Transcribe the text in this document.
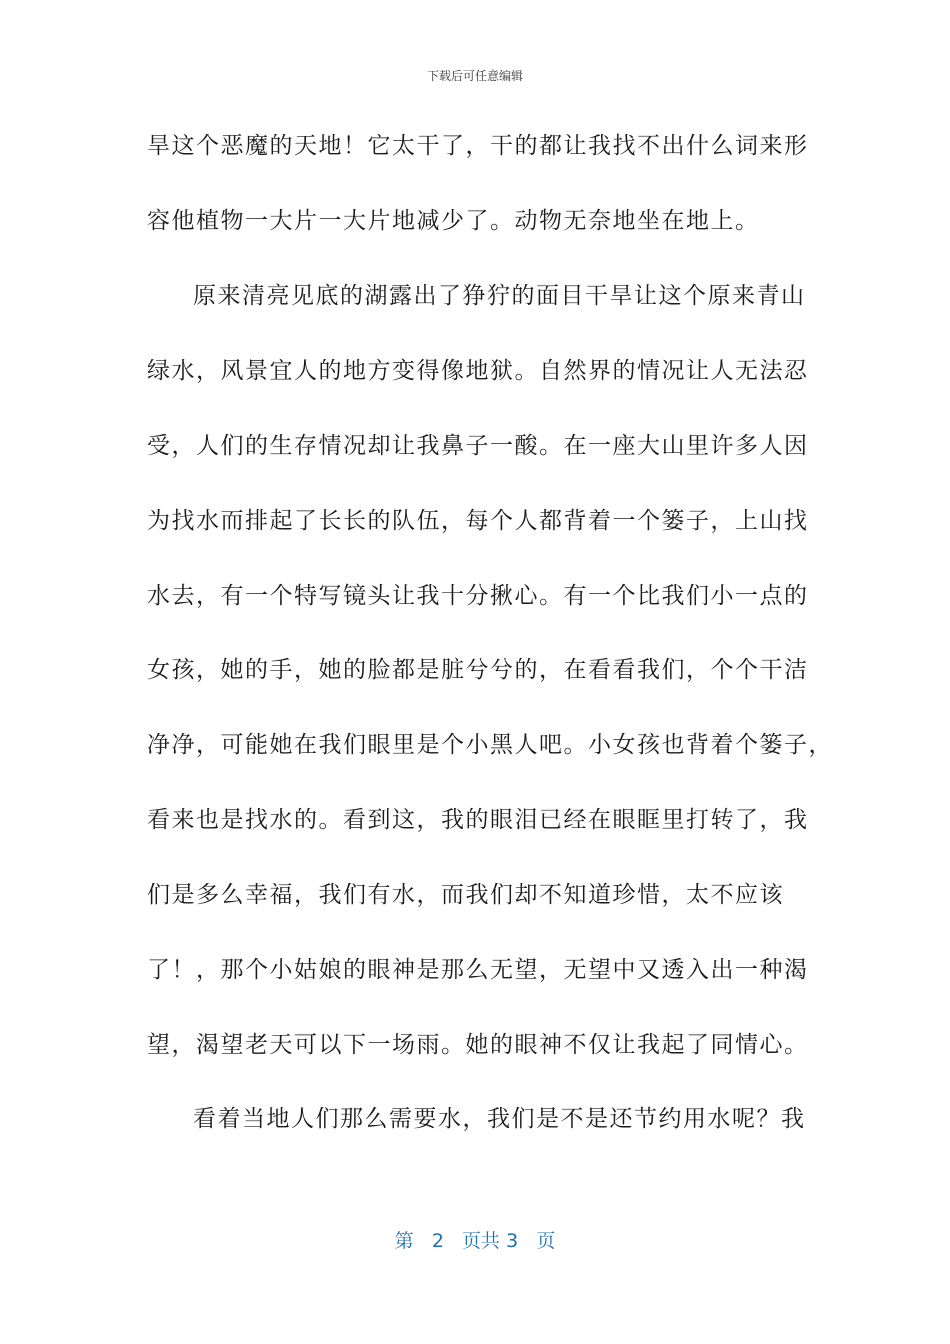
下载后可任意编辑
旱这个恶魔的天地！它太干了，干的都让我找不出什么词来形
容他植物一大片一大片地减少了。动物无奈地坐在地上。
原来清亮见底的湖露出了狰狞的面目干旱让这个原来青山
绿水，风景宜人的地方变得像地狱。自然界的情况让人无法忍
受，人们的生存情况却让我鼻子一酸。在一座大山里许多人因
为找水而排起了长长的队伍，每个人都背着一个篓子，上山找
水去，有一个特写镜头让我十分揪心。有一个比我们小一点的
女孩，她的手，她的脸都是脏兮兮的，在看看我们，个个干洁
净净，可能她在我们眼里是个小黑人吧。小女孩也背着个篓子，
看来也是找水的。看到这，我的眼泪已经在眼眶里打转了，我
们是多么幸福，我们有水，而我们却不知道珍惜，太不应该
了！，那个小姑娘的眼神是那么无望，无望中又透入出一种渴
望，渴望老天可以下一场雨。她的眼神不仅让我起了同情心。
看着当地人们那么需要水，我们是不是还节约用水呢？我
第 2 页共 3 页
